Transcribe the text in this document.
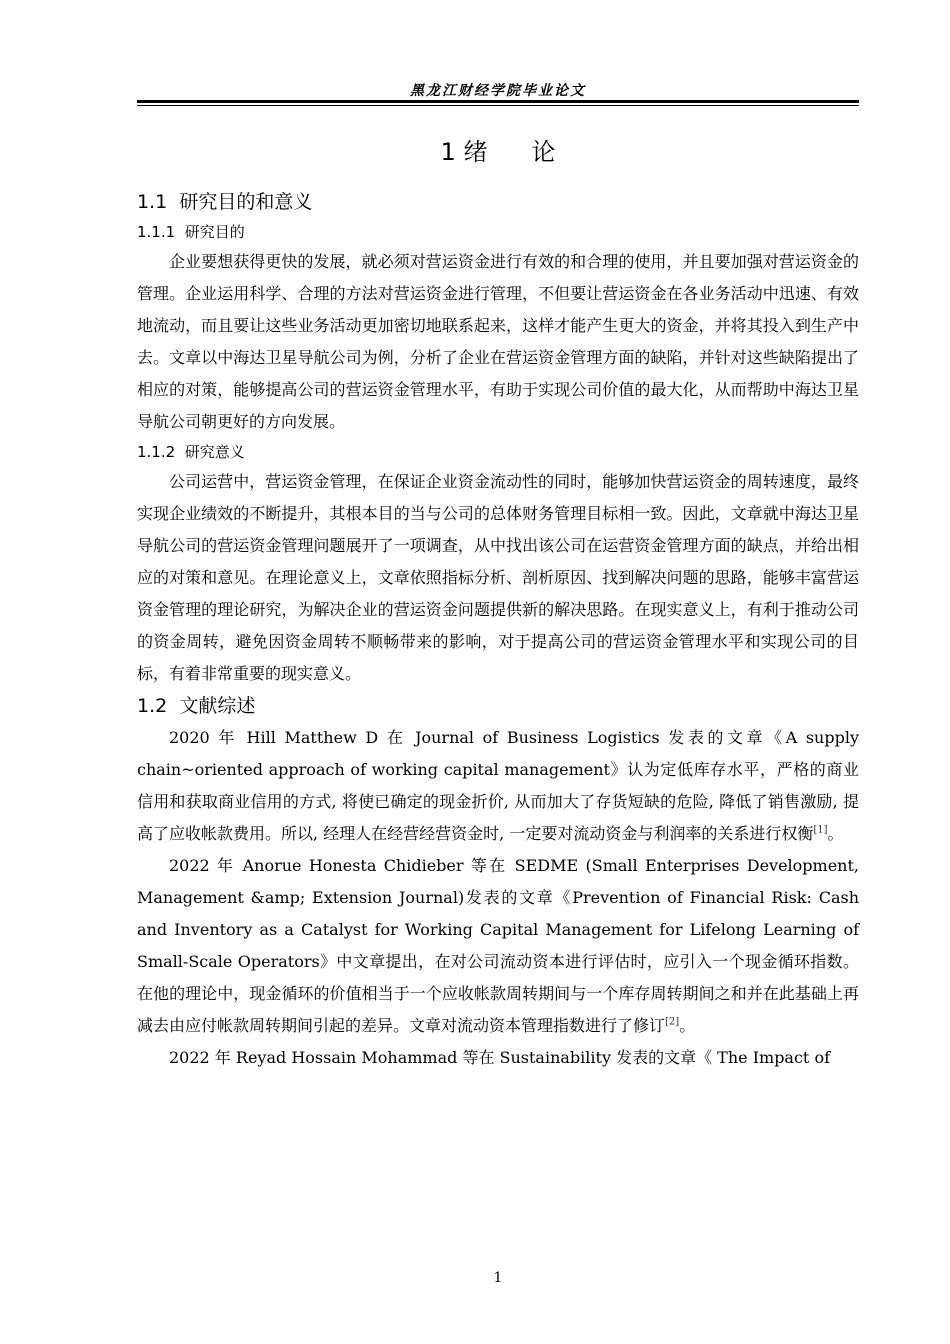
黑龙江财经学院毕业论文
1 绪 论
1.1 研究目的和意义
1.1.1 研究目的

企业要想获得更快的发展，就必须对营运资金进行有效的和合理的使用，并且要加强对营运资金的管理。企业运用科学、合理的方法对营运资金进行管理，不但要让营运资金在各业务活动中迅速、有效地流动，而且要让这些业务活动更加密切地联系起来，这样才能产生更大的资金，并将其投入到生产中去。文章以中海达卫星导航公司为例，分析了企业在营运资金管理方面的缺陷，并针对这些缺陷提出了相应的对策，能够提高公司的营运资金管理水平，有助于实现公司价值的最大化，从而帮助中海达卫星导航公司朝更好的方向发展。

1.1.2 研究意义

公司运营中，营运资金管理，在保证企业资金流动性的同时，能够加快营运资金的周转速度，最终实现企业绩效的不断提升，其根本目的当与公司的总体财务管理目标相一致。因此，文章就中海达卫星导航公司的营运资金管理问题展开了一项调查，从中找出该公司在运营资金管理方面的缺点，并给出相应的对策和意见。在理论意义上，文章依照指标分析、剖析原因、找到解决问题的思路，能够丰富营运资金管理的理论研究，为解决企业的营运资金问题提供新的解决思路。在现实意义上，有利于推动公司的资金周转，避免因资金周转不顺畅带来的影响，对于提高公司的营运资金管理水平和实现公司的目标，有着非常重要的现实意义。

1.2 文献综述

2020 年 Hill Matthew D 在 Journal of Business Logistics 发表的文章《A supply chain~oriented approach of working capital management》认为定低库存水平，严格的商业信用和获取商业信用的方式, 将使已确定的现金折价, 从而加大了存货短缺的危险, 降低了销售激励, 提高了应收帐款费用。所以, 经理人在经营经营资金时, 一定要对流动资金与利润率的关系进行权衡[1]。

2022 年 Anorue Honesta Chidieber 等在 SEDME (Small Enterprises Development, Management &amp; Extension Journal)发表的文章《Prevention of Financial Risk: Cash and Inventory as a Catalyst for Working Capital Management for Lifelong Learning of Small-Scale Operators》中文章提出，在对公司流动资本进行评估时，应引入一个现金循环指数。在他的理论中，现金循环的价值相当于一个应收帐款周转期间与一个库存周转期间之和并在此基础上再减去由应付帐款周转期间引起的差异。文章对流动资本管理指数进行了修订[2]。

2022 年 Reyad Hossain Mohammad 等在 Sustainability 发表的文章《 The Impact of

1
